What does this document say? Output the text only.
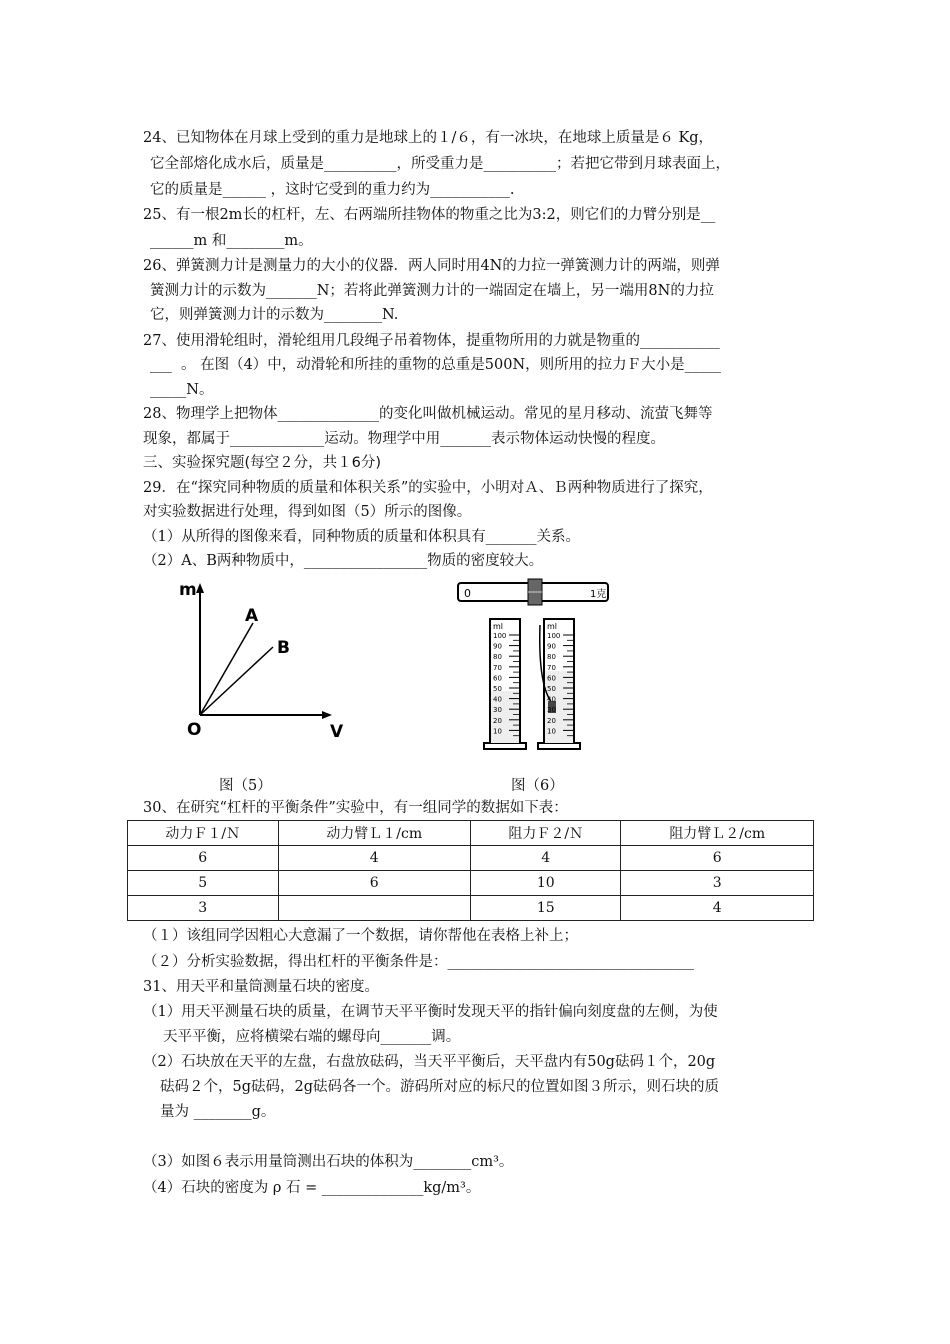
24、已知物体在月球上受到的重力是地球上的１/６，有一冰块，在地球上质量是６ Kg，
它全部熔化成水后，质量是__________，所受重力是__________；若把它带到月球表面上，
它的质量是______ ，这时它受到的重力约为___________.
25、有一根2m长的杠杆，左、右两端所挂物体的物重之比为3:2，则它们的力臂分别是__
______m 和________m。
26、弹簧测力计是测量力的大小的仪器．两人同时用4N的力拉一弹簧测力计的两端，则弹
簧测力计的示数为_______N；若将此弹簧测力计的一端固定在墙上，另一端用8N的力拉
它，则弹簧测力计的示数为________N.
27、使用滑轮组时，滑轮组用几段绳子吊着物体，提重物所用的力就是物重的___________
___  。 在图（4）中，动滑轮和所挂的重物的总重是500N，则所用的拉力Ｆ大小是_____
_____N。
28、物理学上把物体______________的变化叫做机械运动。常见的星月移动、流萤飞舞等
现象，都属于_____________运动。物理学中用_______表示物体运动快慢的程度。
三、实验探究题(每空２分，共１6分)
29．在“探究同种物质的质量和体积关系”的实验中，小明对Ａ、Ｂ两种物质进行了探究，
对实验数据进行处理，得到如图（5）所示的图像。
（1）从所得的图像来看，同种物质的质量和体积具有_______关系。
（2）A、B两种物质中，_________________物质的密度较大。
m
O	V
A
B
图（5）
0	1克
ml
100
90
80
70
60
50
40
30
20
10
ml
100
90
80
70
60
50
40
30
20
10
图（6）
30、在研究“杠杆的平衡条件”实验中，有一组同学的数据如下表：
动力Ｆ１/Ｎ	动力臂Ｌ１/cm	阻力Ｆ２/Ｎ	阻力臂Ｌ２/cm
6	4	4	6
5	6	10	3
3		15	4
（１）该组同学因粗心大意漏了一个数据，请你帮他在表格上补上；
（２）分析实验数据，得出杠杆的平衡条件是：__________________________________
31、用天平和量筒测量石块的密度。
（1）用天平测量石块的质量，在调节天平平衡时发现天平的指针偏向刻度盘的左侧，为使
天平平衡，应将横梁右端的螺母向_______调。
（2）石块放在天平的左盘，右盘放砝码，当天平平衡后，天平盘内有50g砝码１个，20g
砝码２个，5g砝码，2g砝码各一个。游码所对应的标尺的位置如图３所示，则石块的质
量为 ________g。
（3）如图６表示用量筒测出石块的体积为________cm³。
（4）石块的密度为 ρ 石 = ______________kg/m³。
